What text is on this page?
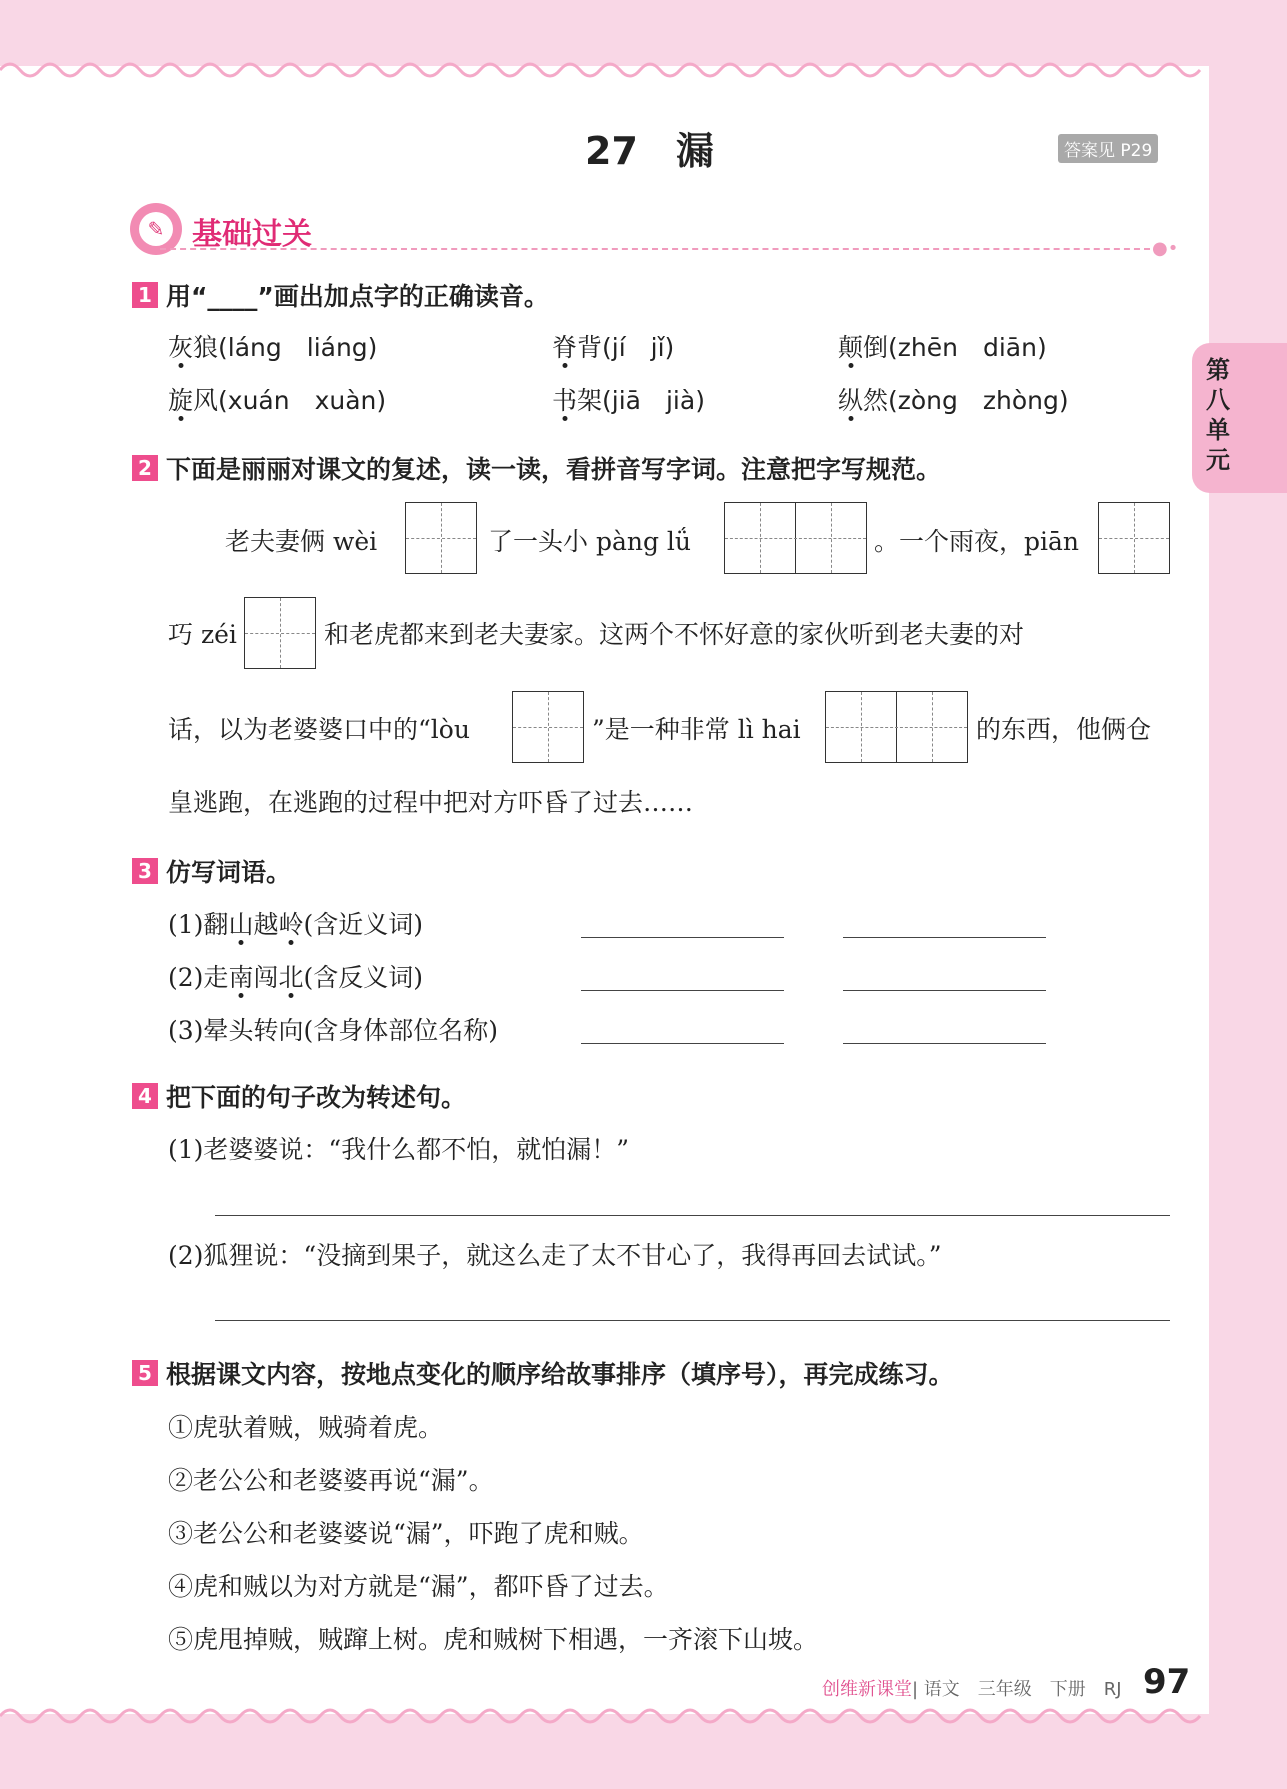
27　漏	答案见 P29
✎ 基础过关	●•
第八单元
1 用“____”画出加点字的正确读音。
灰狼(láng　liáng)	脊背(jí　jǐ)	颠倒(zhēn　diān)
旋风(xuán　xuàn)	书架(jiā　jià)	纵然(zòng　zhòng)
2 下面是丽丽对课文的复述，读一读，看拼音写字词。注意把字写规范。
老夫妻俩 wèi	了一头小 pàng lǘ	。一个雨夜，piān
巧 zéi	和老虎都来到老夫妻家。这两个不怀好意的家伙听到老夫妻的对
话，以为老婆婆口中的“lòu	”是一种非常 lì hai	的东西，他俩仓
皇逃跑，在逃跑的过程中把对方吓昏了过去……
3 仿写词语。
(1)翻山越岭(含近义词)
(2)走南闯北(含反义词)
(3)晕头转向(含身体部位名称)
4 把下面的句子改为转述句。
(1)老婆婆说：“我什么都不怕，就怕漏！”
(2)狐狸说：“没摘到果子，就这么走了太不甘心了，我得再回去试试。”
5 根据课文内容，按地点变化的顺序给故事排序（填序号），再完成练习。
①虎驮着贼，贼骑着虎。
②老公公和老婆婆再说“漏”。
③老公公和老婆婆说“漏”，吓跑了虎和贼。
④虎和贼以为对方就是“漏”，都吓昏了过去。
⑤虎甩掉贼，贼蹿上树。虎和贼树下相遇，一齐滚下山坡。
创维新课堂| 语文　三年级　下册　RJ 97
